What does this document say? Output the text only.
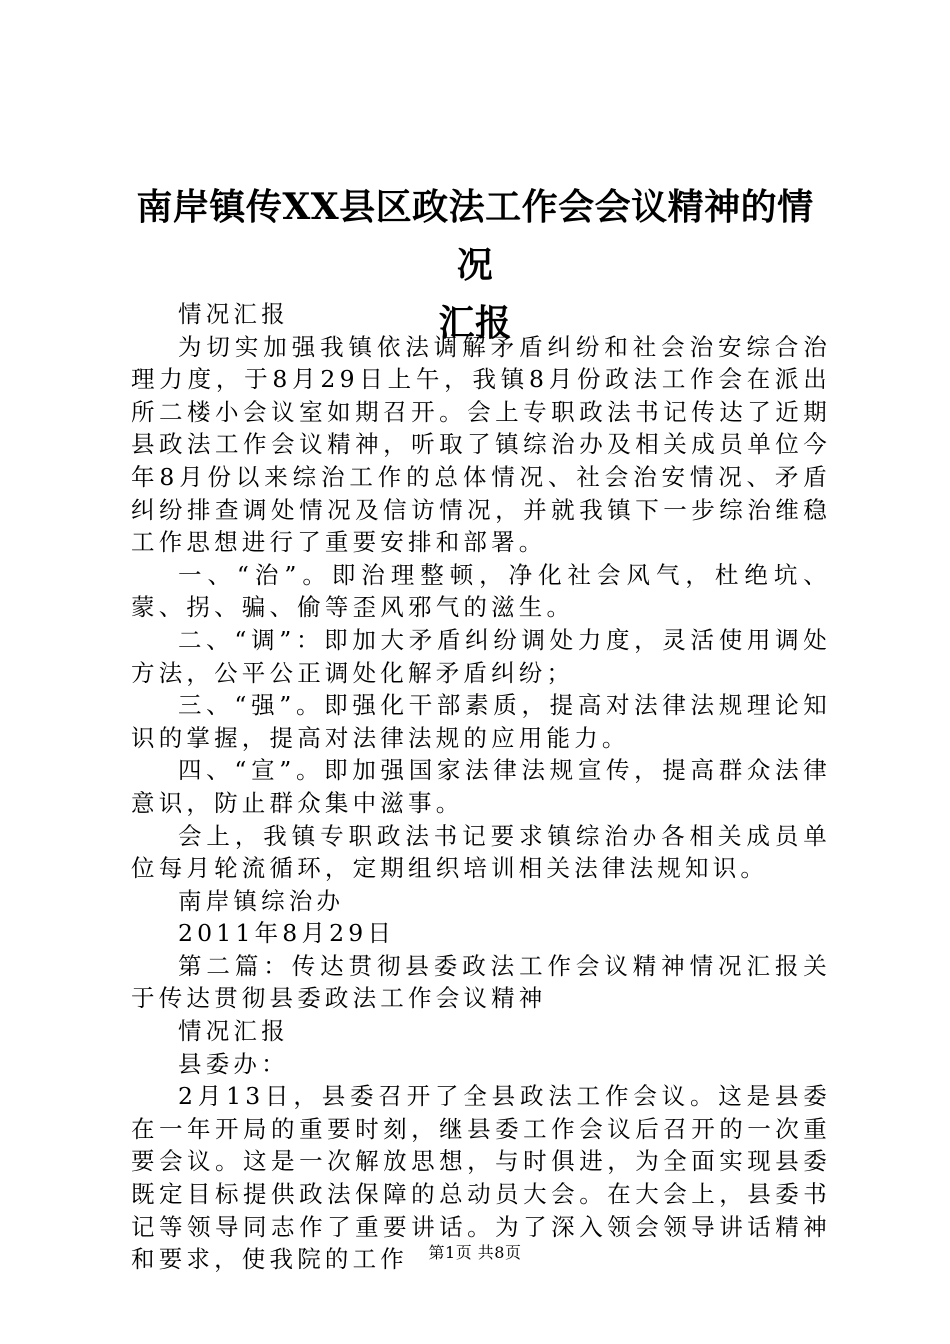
南岸镇传XX县区政法工作会会议精神的情况
汇报

情况汇报

为切实加强我镇依法调解矛盾纠纷和社会治安综合治理力度，于8月29日上午，我镇8月份政法工作会在派出所二楼小会议室如期召开。会上专职政法书记传达了近期县政法工作会议精神，听取了镇综治办及相关成员单位今年8月份以来综治工作的总体情况、社会治安情况、矛盾纠纷排查调处情况及信访情况，并就我镇下一步综治维稳工作思想进行了重要安排和部署。

一、“治”。即治理整顿，净化社会风气，杜绝坑、蒙、拐、骗、偷等歪风邪气的滋生。

二、“调”：即加大矛盾纠纷调处力度，灵活使用调处方法，公平公正调处化解矛盾纠纷；

三、“强”。即强化干部素质，提高对法律法规理论知识的掌握，提高对法律法规的应用能力。

四、“宣”。即加强国家法律法规宣传，提高群众法律意识，防止群众集中滋事。

会上，我镇专职政法书记要求镇综治办各相关成员单位每月轮流循环，定期组织培训相关法律法规知识。

南岸镇综治办

2011年8月29日

第二篇：传达贯彻县委政法工作会议精神情况汇报关于传达贯彻县委政法工作会议精神

情况汇报

县委办：

2月13日，县委召开了全县政法工作会议。这是县委在一年开局的重要时刻，继县委工作会议后召开的一次重要会议。这是一次解放思想，与时俱进，为全面实现县委既定目标提供政法保障的总动员大会。在大会上，县委书记等领导同志作了重要讲话。为了深入领会领导讲话精神和要求，使我院的工作	第1页 共8页
